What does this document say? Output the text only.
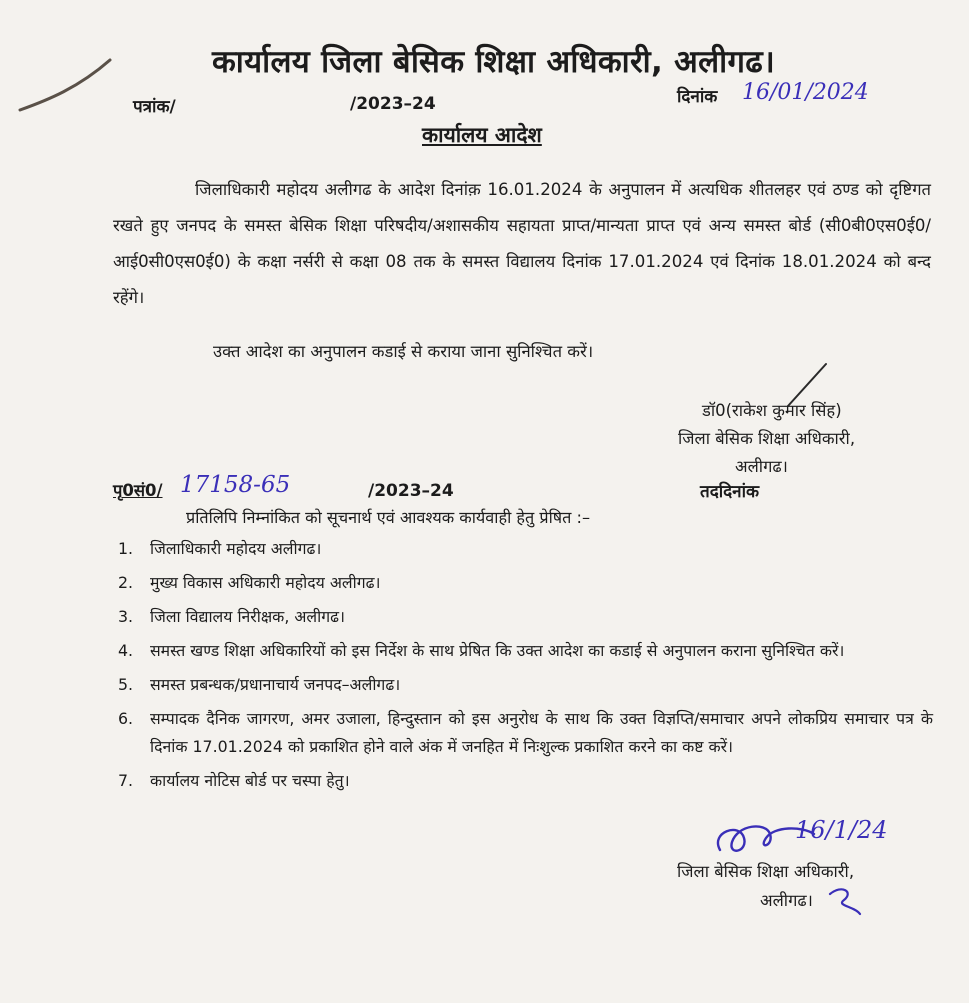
कार्यालय जिला बेसिक शिक्षा अधिकारी, अलीगढ।
पत्रांक/	/2023–24	दिनांक 16/01/2024
कार्यालय आदेश
जिलाधिकारी महोदय अलीगढ के आदेश दिनांक़ 16.01.2024 के अनुपालन में अत्यधिक शीतलहर एवं ठण्ड को दृष्टिगत रखते हुए जनपद के समस्त बेसिक शिक्षा परिषदीय/अशासकीय सहायता प्राप्त/मान्यता प्राप्त एवं अन्य समस्त बोर्ड (सी0बी0एस0ई0/आई0सी0एस0ई0) के कक्षा नर्सरी से कक्षा 08 तक के समस्त विद्यालय दिनांक 17.01.2024 एवं दिनांक 18.01.2024 को बन्द रहेंगे।
उक्त आदेश का अनुपालन कडाई से कराया जाना सुनिश्चित करें।
डॉ0(राकेश कुमार सिंह)
जिला बेसिक शिक्षा अधिकारी,
अलीगढ।
पृ0सं0/ 17158-65	/2023–24	तददिनांक
प्रतिलिपि निम्नांकित को सूचनार्थ एवं आवश्यक कार्यवाही हेतु प्रेषित :–
1. जिलाधिकारी महोदय अलीगढ।
2. मुख्य विकास अधिकारी महोदय अलीगढ।
3. जिला विद्यालय निरीक्षक, अलीगढ।
4. समस्त खण्ड शिक्षा अधिकारियों को इस निर्देश के साथ प्रेषित कि उक्त आदेश का कडाई से अनुपालन कराना सुनिश्चित करें।
5. समस्त प्रबन्धक/प्रधानाचार्य जनपद–अलीगढ।
6. सम्पादक दैनिक जागरण, अमर उजाला, हिन्दुस्तान को इस अनुरोध के साथ कि उक्त विज्ञप्ति/समाचार अपने लोकप्रिय समाचार पत्र के दिनांक 17.01.2024 को प्रकाशित होने वाले अंक में जनहित में निःशुल्क प्रकाशित करने का कष्ट करें।
7. कार्यालय नोटिस बोर्ड पर चस्पा हेतु।
16/1/24
जिला बेसिक शिक्षा अधिकारी,
अलीगढ।
